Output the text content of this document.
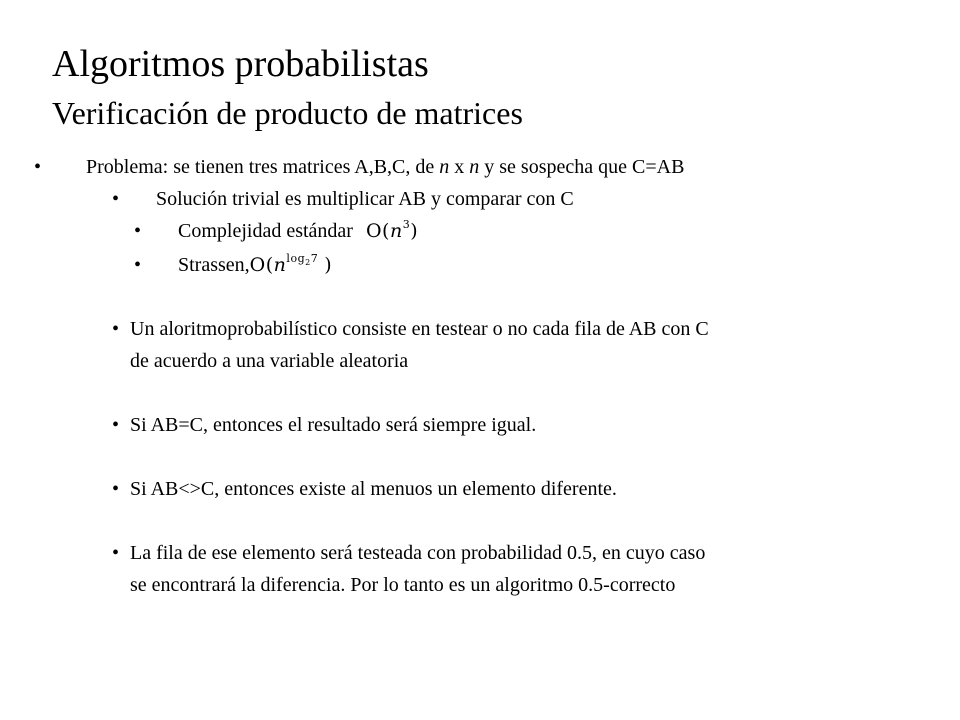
Algoritmos probabilistas
Verificación de producto de matrices
• Problema: se tienen tres matrices A,B,C, de n x n y se sospecha que C=AB
• Solución trivial es multiplicar AB y comparar con C
• Complejidad estándar $O(n^3)$
• $Strassen,O(n^{log_27}$ )
• Un aloritmoprobabilístico consiste en testear o no cada fila de AB con C
de acuerdo a una variable aleatoria
• Si AB=C, entonces el resultado será siempre igual.
• Si AB<>C, entonces existe al menuos un elemento diferente.
• La fila de ese elemento será testeada con probabilidad 0.5, en cuyo caso
se encontrará la diferencia. Por lo tanto es un algoritmo 0.5-correcto
